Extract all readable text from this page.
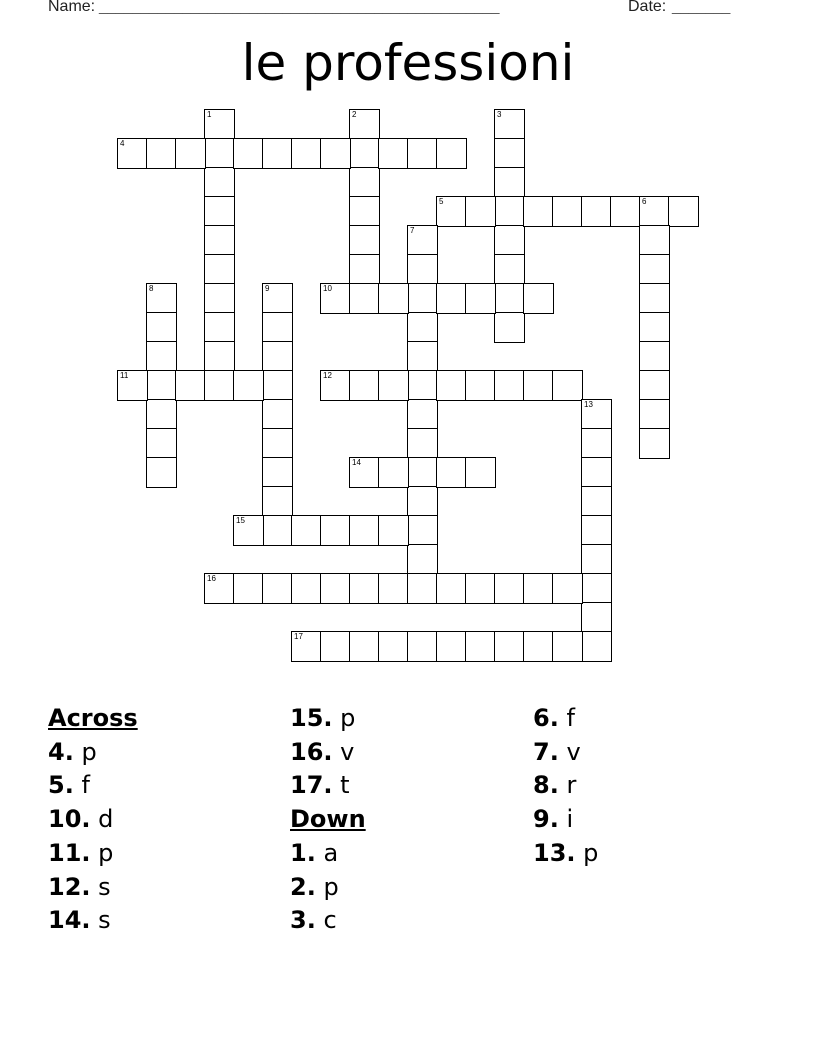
Name: ________________________________________________	Date: _______
le professioni
1	2	3
4
5	6
7
8	9	10
11	12
13
14
15
16
17
Across
4. p
5. f
10. d
11. p
12. s
14. s
15. p
16. v
17. t
Down
1. a
2. p
3. c
6. f
7. v
8. r
9. i
13. p
